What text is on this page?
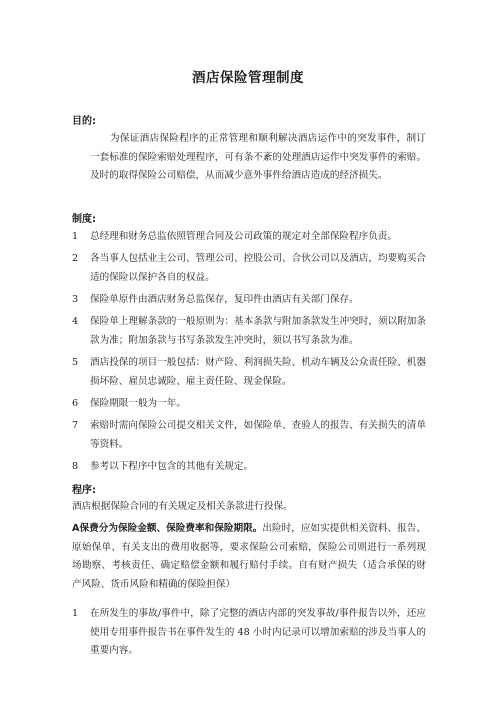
酒店保险管理制度
目的:
为保证酒店保险程序的正常管理和顺利解决酒店运作中的突发事件，制订一套标准的保险索赔处理程序，可有条不紊的处理酒店运作中突发事件的索赔。及时的取得保险公司赔偿，从而减少意外事件给酒店造成的经济损失。
制度:
1	总经理和财务总监依照管理合同及公司政策的规定对全部保险程序负责。
2	各当事人包括业主公司、管理公司、控股公司、合伙公司以及酒店，均要购买合适的保险以保护各自的权益。
3	保险单原件由酒店财务总监保存，复印件由酒店有关部门保存。
4	保险单上理解条款的一般原则为：基本条款与附加条款发生冲突时，须以附加条款为准；附加条款与书写条款发生冲突时，须以书写条款为准。
5	酒店投保的项目一般包括：财产险、利润损失险、机动车辆及公众责任险、机器损坏险、雇员忠诚险、雇主责任险、现金保险。
6	保险期限一般为一年。
7	索赔时需向保险公司提交相关文件，如保险单、查验人的报告、有关损失的清单等资料。
8	参考以下程序中包含的其他有关规定。
程序:
酒店根据保险合同的有关规定及相关条款进行投保。
A保费分为保险金额、保险费率和保险期限。出险时，应如实提供相关资料、报告、原始保单、有关支出的费用收据等，要求保险公司索赔，保险公司则进行一系列现场勘察、考核责任、确定赔偿金额和履行赔付手续。自有财产损失（适合承保的财产风险、货币风险和精确的保险担保）
1	在所发生的事故/事件中，除了完整的酒店内部的突发事故/事件报告以外，还应使用专用事件报告书在事件发生的 48 小时内记录可以增加索赔的涉及当事人的重要内容。
